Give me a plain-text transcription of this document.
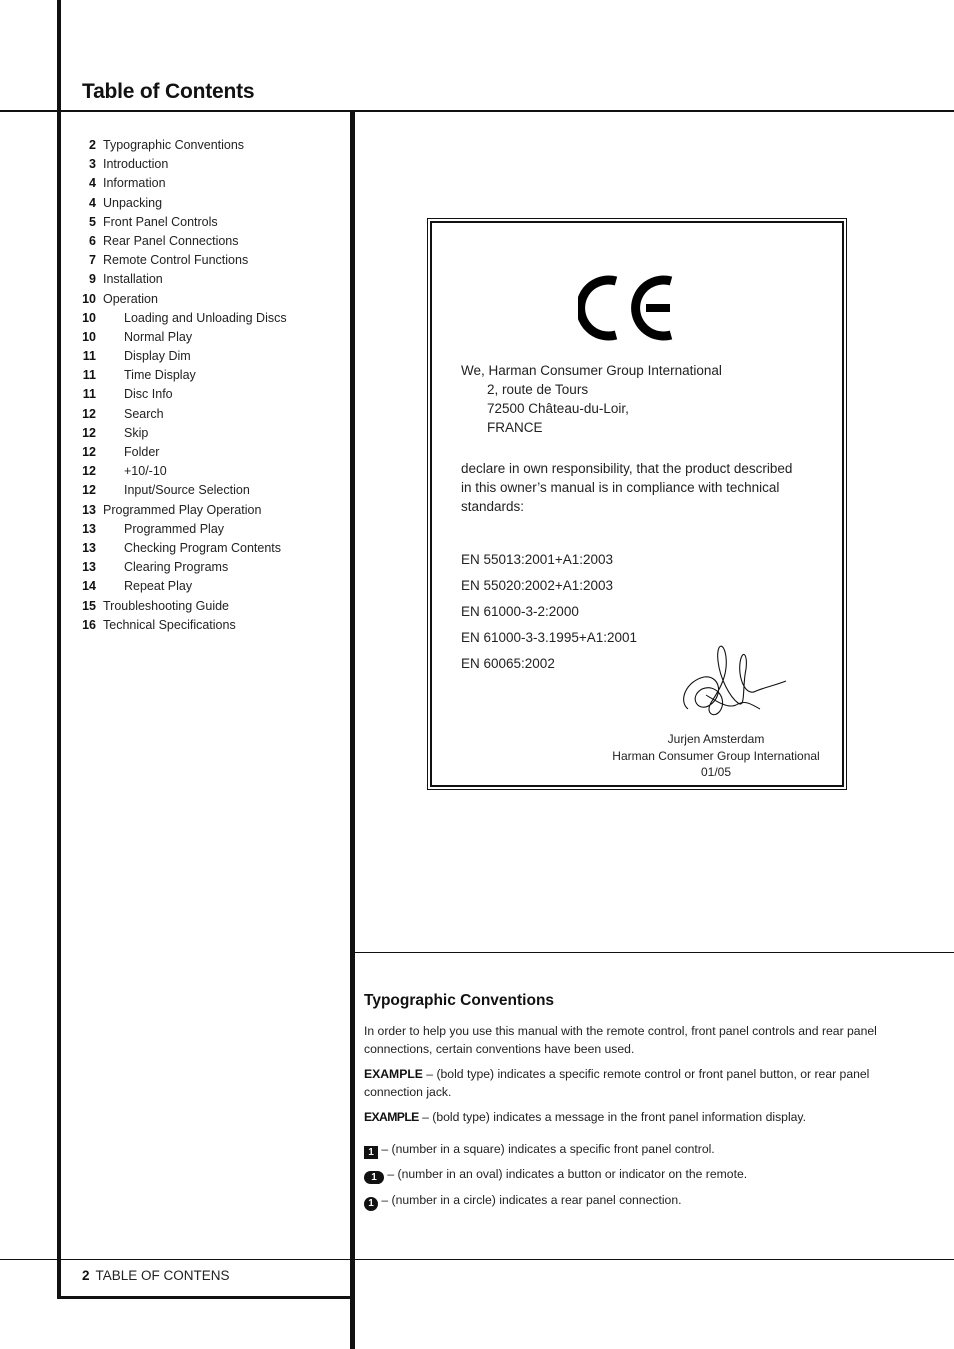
Table of Contents
2 Typographic Conventions
3 Introduction
4 Information
4 Unpacking
5 Front Panel Controls
6 Rear Panel Connections
7 Remote Control Functions
9 Installation
10 Operation
10 Loading and Unloading Discs
10 Normal Play
11 Display Dim
11 Time Display
11 Disc Info
12 Search
12 Skip
12 Folder
12 +10/-10
12 Input/Source Selection
13 Programmed Play Operation
13 Programmed Play
13 Checking Program Contents
13 Clearing Programs
14 Repeat Play
15 Troubleshooting Guide
16 Technical Specifications
We, Harman Consumer Group International
2, route de Tours
72500 Château-du-Loir,
FRANCE
declare in own responsibility, that the product described
in this owner’s manual is in compliance with technical
standards:
EN 55013:2001+A1:2003
EN 55020:2002+A1:2003
EN 61000-3-2:2000
EN 61000-3-3.1995+A1:2001
EN 60065:2002
Jurjen Amsterdam
Harman Consumer Group International
01/05
Typographic Conventions

In order to help you use this manual with the remote control, front panel controls and rear panel connections, certain conventions have been used.

EXAMPLE – (bold type) indicates a specific remote control or front panel button, or rear panel connection jack.

EXAMPLE – (bold type) indicates a message in the front panel information display.

1 – (number in a square) indicates a specific front panel control.

1 – (number in an oval) indicates a button or indicator on the remote.

1 – (number in a circle) indicates a rear panel connection.

2 TABLE OF CONTENS
